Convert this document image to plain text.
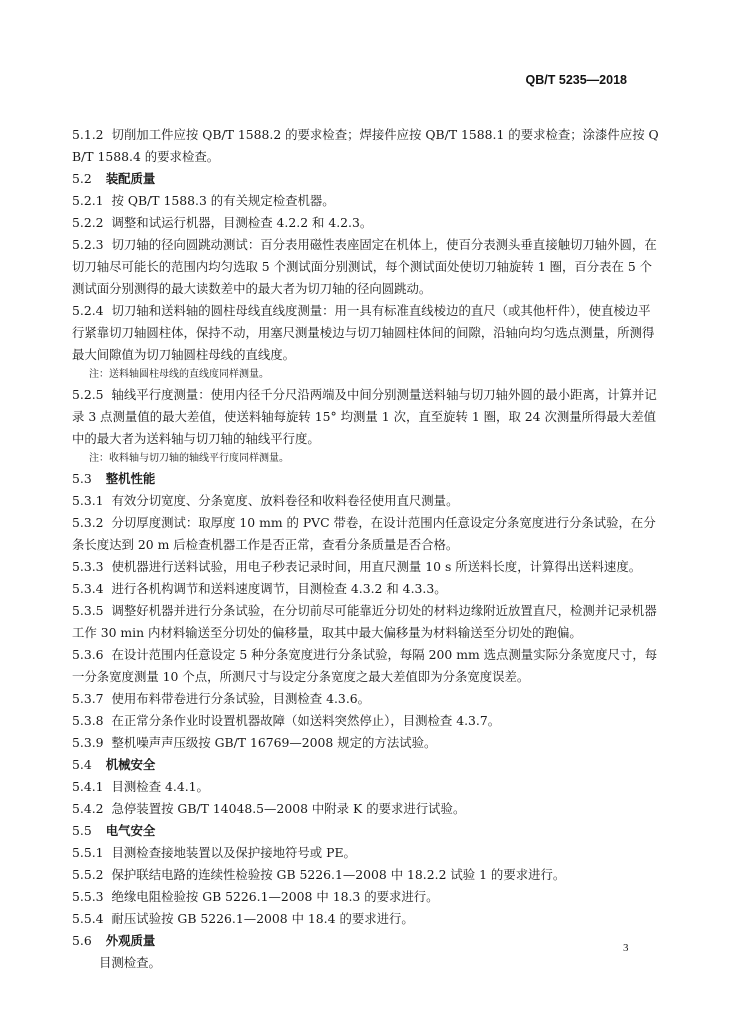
QB/T 5235—2018

5.1.2 切削加工件应按 QB/T 1588.2 的要求检查；焊接件应按 QB/T 1588.1 的要求检查；涂漆件应按 QB/T 1588.4 的要求检查。

5.2 装配质量

5.2.1 按 QB/T 1588.3 的有关规定检查机器。

5.2.2 调整和试运行机器，目测检查 4.2.2 和 4.2.3。

5.2.3 切刀轴的径向圆跳动测试：百分表用磁性表座固定在机体上，使百分表测头垂直接触切刀轴外圆，在切刀轴尽可能长的范围内均匀选取 5 个测试面分别测试，每个测试面处使切刀轴旋转 1 圈，百分表在 5 个测试面分别测得的最大读数差中的最大者为切刀轴的径向圆跳动。

5.2.4 切刀轴和送料轴的圆柱母线直线度测量：用一具有标准直线棱边的直尺（或其他杆件），使直棱边平行紧靠切刀轴圆柱体，保持不动，用塞尺测量棱边与切刀轴圆柱体间的间隙，沿轴向均匀选点测量，所测得最大间隙值为切刀轴圆柱母线的直线度。

注：送料轴圆柱母线的直线度同样测量。

5.2.5 轴线平行度测量：使用内径千分尺沿两端及中间分别测量送料轴与切刀轴外圆的最小距离，计算并记录 3 点测量值的最大差值，使送料轴每旋转 15° 均测量 1 次，直至旋转 1 圈，取 24 次测量所得最大差值中的最大者为送料轴与切刀轴的轴线平行度。

注：收料轴与切刀轴的轴线平行度同样测量。

5.3 整机性能

5.3.1 有效分切宽度、分条宽度、放料卷径和收料卷径使用直尺测量。

5.3.2 分切厚度测试：取厚度 10 mm 的 PVC 带卷，在设计范围内任意设定分条宽度进行分条试验，在分条长度达到 20 m 后检查机器工作是否正常，查看分条质量是否合格。

5.3.3 使机器进行送料试验，用电子秒表记录时间，用直尺测量 10 s 所送料长度，计算得出送料速度。

5.3.4 进行各机构调节和送料速度调节，目测检查 4.3.2 和 4.3.3。

5.3.5 调整好机器并进行分条试验，在分切前尽可能靠近分切处的材料边缘附近放置直尺，检测并记录机器工作 30 min 内材料输送至分切处的偏移量，取其中最大偏移量为材料输送至分切处的跑偏。

5.3.6 在设计范围内任意设定 5 种分条宽度进行分条试验，每隔 200 mm 选点测量实际分条宽度尺寸，每一分条宽度测量 10 个点，所测尺寸与设定分条宽度之最大差值即为分条宽度误差。

5.3.7 使用布料带卷进行分条试验，目测检查 4.3.6。

5.3.8 在正常分条作业时设置机器故障（如送料突然停止），目测检查 4.3.7。

5.3.9 整机噪声声压级按 GB/T 16769—2008 规定的方法试验。

5.4 机械安全

5.4.1 目测检查 4.4.1。

5.4.2 急停装置按 GB/T 14048.5—2008 中附录 K 的要求进行试验。

5.5 电气安全

5.5.1 目测检查接地装置以及保护接地符号或 PE。

5.5.2 保护联结电路的连续性检验按 GB 5226.1—2008 中 18.2.2 试验 1 的要求进行。

5.5.3 绝缘电阻检验按 GB 5226.1—2008 中 18.3 的要求进行。

5.5.4 耐压试验按 GB 5226.1—2008 中 18.4 的要求进行。

5.6 外观质量

目测检查。

3
